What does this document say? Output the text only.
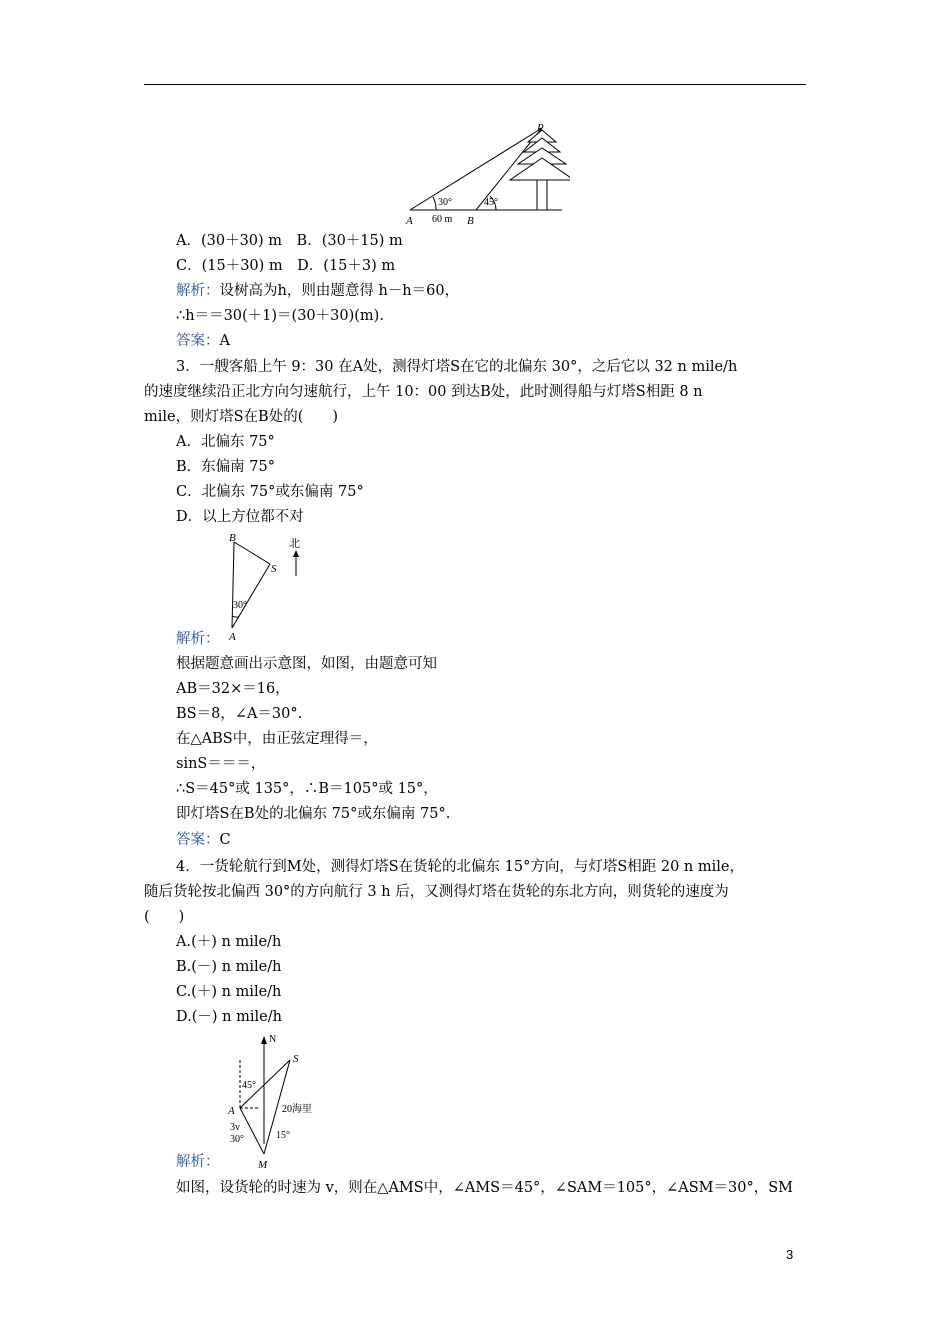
P
A	B
30°	45°
60 m
A．(30＋30) m　B．(30＋15) m
C．(15＋30) m　D．(15＋3) m
解析：设树高为h，则由题意得 h－h＝60，
∴h＝＝30(＋1)＝(30＋30)(m).
答案：A
3．一艘客船上午 9：30 在A处，测得灯塔S在它的北偏东 30°，之后它以 32 n mile/h
的速度继续沿正北方向匀速航行，上午 10：00 到达B处，此时测得船与灯塔S相距 8 n
mile，则灯塔S在B处的(　　)
A．北偏东 75°
B．东偏南 75°
C．北偏东 75°或东偏南 75°
D．以上方位都不对
B
S
A
30°
北
解析：
根据题意画出示意图，如图，由题意可知
AB＝32×＝16，
BS＝8，∠A＝30°.
在△ABS中，由正弦定理得＝，
sinS＝＝＝，
∴S＝45°或 135°，∴B＝105°或 15°，
即灯塔S在B处的北偏东 75°或东偏南 75°.
答案：C
4．一货轮航行到M处，测得灯塔S在货轮的北偏东 15°方向，与灯塔S相距 20 n mile，
随后货轮按北偏西 30°的方向航行 3 h 后，又测得灯塔在货轮的东北方向，则货轮的速度为
(　　)
A.(＋) n mile/h
B.(－) n mile/h
C.(＋) n mile/h
D.(－) n mile/h
N
S
A
M
45°
20海里
3v
30°	15°
解析：
如图，设货轮的时速为 v，则在△AMS中，∠AMS＝45°，∠SAM＝105°，∠ASM＝30°，SM
3
